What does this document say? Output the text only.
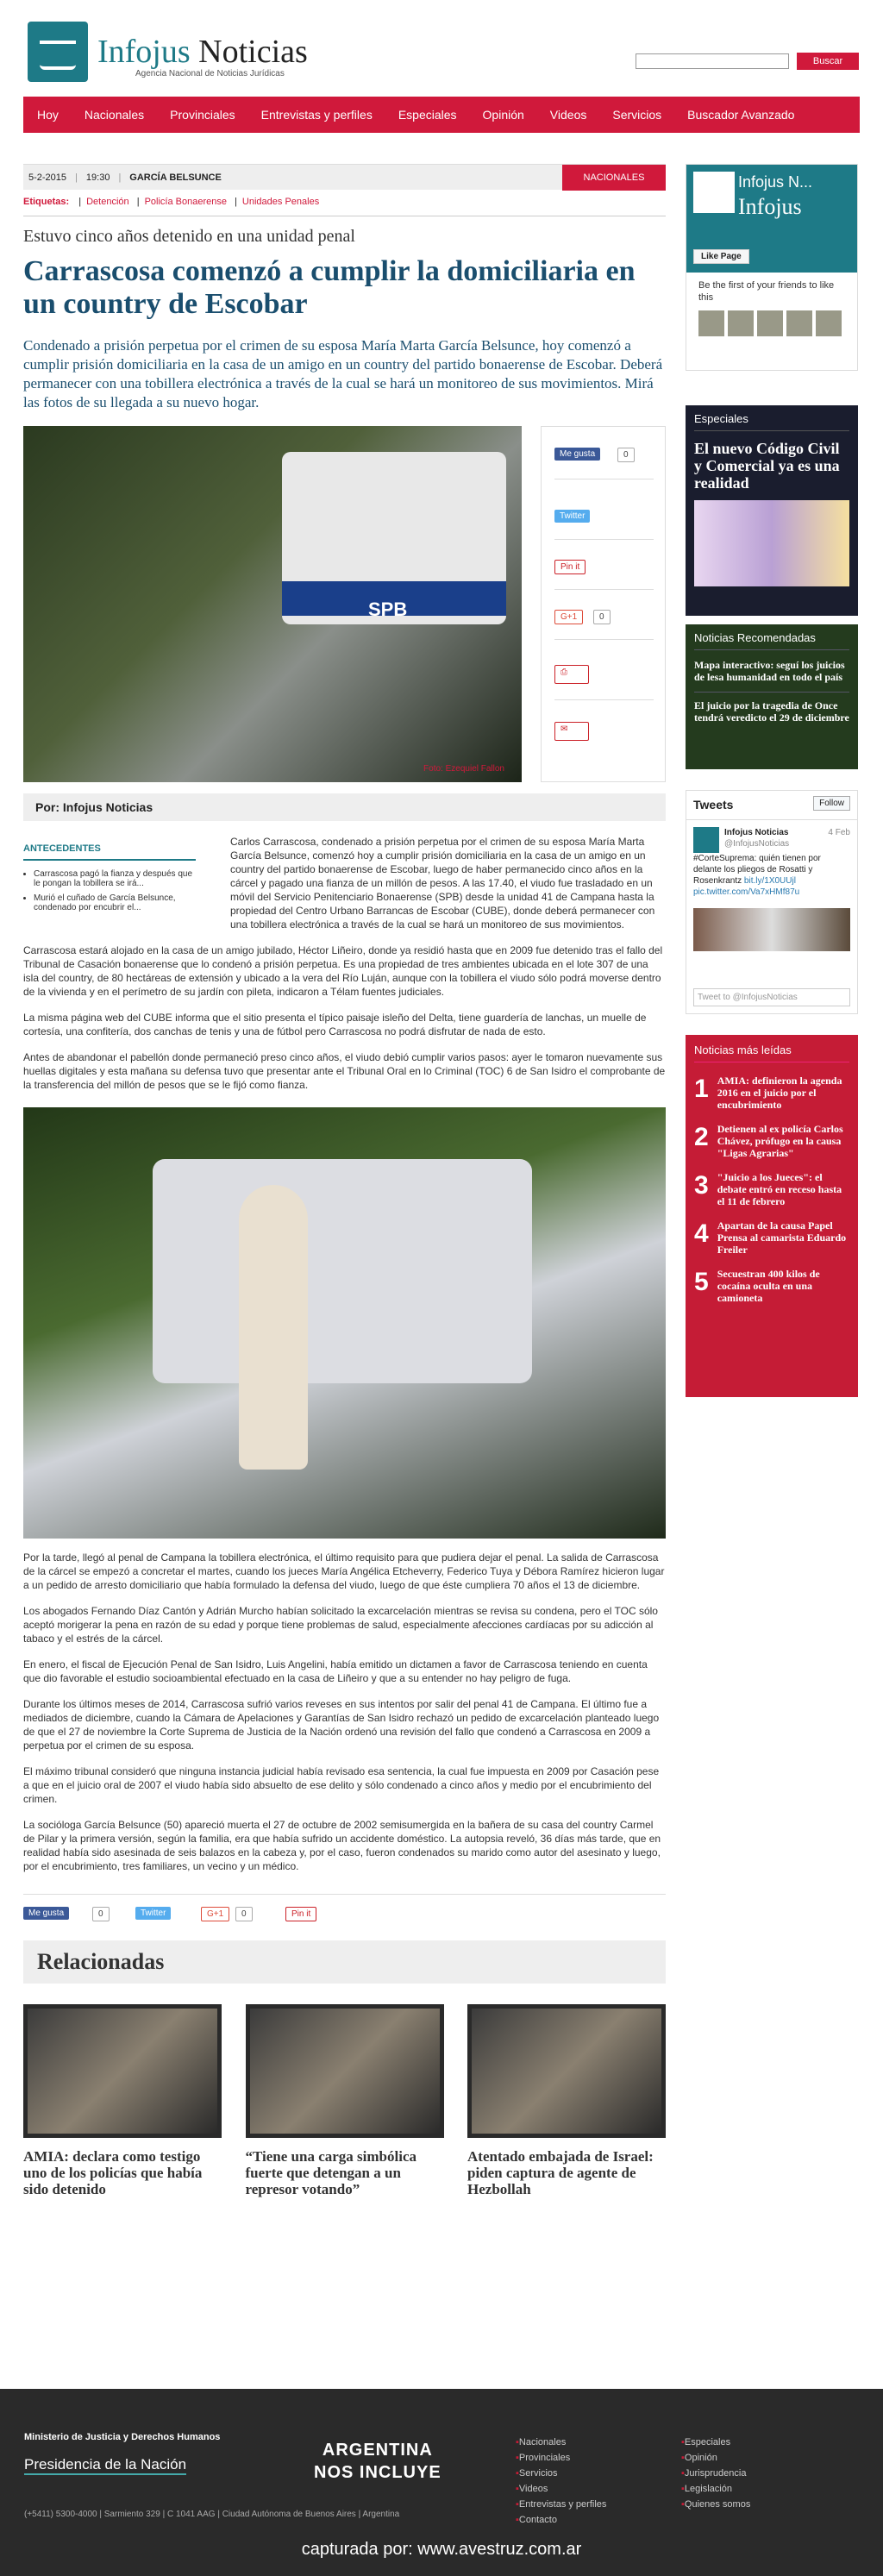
Infojus Noticias
Agencia Nacional de Noticias Jurídicas
Buscar
Hoy Nacionales Provinciales Entrevistas y perfiles Especiales Opinión Videos Servicios Buscador Avanzado
5-2-2015 | 19:30 | GARCÍA BELSUNCE	NACIONALES
Etiquetas: | Detención | Policía Bonaerense | Unidades Penales
Estuvo cinco años detenido en una unidad penal
Carrascosa comenzó a cumplir la domiciliaria en un country de Escobar

Condenado a prisión perpetua por el crimen de su esposa María Marta García Belsunce, hoy comenzó a cumplir prisión domiciliaria en la casa de un amigo en un country del partido bonaerense de Escobar. Deberá permanecer con una tobillera electrónica a través de la cual se hará un monitoreo de sus movimientos. Mirá las fotos de su llegada a su nuevo hogar.

SPB
Foto: Ezequiel Fallon
Me gusta	0
Twitter
Pin it
G+1	0
⎙
✉
Por: Infojus Noticias
ANTECEDENTES
• Carrascosa pagó la fianza y después que le pongan la tobillera se irá...
• Murió el cuñado de García Belsunce, condenado por encubrir el...

Carlos Carrascosa, condenado a prisión perpetua por el crimen de su esposa María Marta García Belsunce, comenzó hoy a cumplir prisión domiciliaria en la casa de un amigo en un country del partido bonaerense de Escobar, luego de haber permanecido cinco años en la cárcel y pagado una fianza de un millón de pesos. A las 17.40, el viudo fue trasladado en un móvil del Servicio Penitenciario Bonaerense (SPB) desde la unidad 41 de Campana hasta la propiedad del Centro Urbano Barrancas de Escobar (CUBE), donde deberá permanecer con una tobillera electrónica a través de la cual se hará un monitoreo de sus movimientos.

Carrascosa estará alojado en la casa de un amigo jubilado, Héctor Liñeiro, donde ya residió hasta que en 2009 fue detenido tras el fallo del Tribunal de Casación bonaerense que lo condenó a prisión perpetua. Es una propiedad de tres ambientes ubicada en el lote 307 de una isla del country, de 80 hectáreas de extensión y ubicado a la vera del Río Luján, aunque con la tobillera el viudo sólo podrá moverse dentro de la vivienda y en el perímetro de su jardín con pileta, indicaron a Télam fuentes judiciales.

La misma página web del CUBE informa que el sitio presenta el típico paisaje isleño del Delta, tiene guardería de lanchas, un muelle de cortesía, una confitería, dos canchas de tenis y una de fútbol pero Carrascosa no podrá disfrutar de nada de esto.

Antes de abandonar el pabellón donde permaneció preso cinco años, el viudo debió cumplir varios pasos: ayer le tomaron nuevamente sus huellas digitales y esta mañana su defensa tuvo que presentar ante el Tribunal Oral en lo Criminal (TOC) 6 de San Isidro el comprobante de la transferencia del millón de pesos que se le fijó como fianza.

Por la tarde, llegó al penal de Campana la tobillera electrónica, el último requisito para que pudiera dejar el penal. La salida de Carrascosa de la cárcel se empezó a concretar el martes, cuando los jueces María Angélica Etcheverry, Federico Tuya y Débora Ramírez hicieron lugar a un pedido de arresto domiciliario que había formulado la defensa del viudo, luego de que éste cumpliera 70 años el 13 de diciembre.

Los abogados Fernando Díaz Cantón y Adrián Murcho habían solicitado la excarcelación mientras se revisa su condena, pero el TOC sólo aceptó morigerar la pena en razón de su edad y porque tiene problemas de salud, especialmente afecciones cardíacas por su adicción al tabaco y el estrés de la cárcel.

En enero, el fiscal de Ejecución Penal de San Isidro, Luis Angelini, había emitido un dictamen a favor de Carrascosa teniendo en cuenta que dio favorable el estudio socioambiental efectuado en la casa de Liñeiro y que a su entender no hay peligro de fuga.

Durante los últimos meses de 2014, Carrascosa sufrió varios reveses en sus intentos por salir del penal 41 de Campana. El último fue a mediados de diciembre, cuando la Cámara de Apelaciones y Garantías de San Isidro rechazó un pedido de excarcelación planteado luego de que el 27 de noviembre la Corte Suprema de Justicia de la Nación ordenó una revisión del fallo que condenó a Carrascosa en 2009 a perpetua por el crimen de su esposa.

El máximo tribunal consideró que ninguna instancia judicial había revisado esa sentencia, la cual fue impuesta en 2009 por Casación pese a que en el juicio oral de 2007 el viudo había sido absuelto de ese delito y sólo condenado a cinco años y medio por el encubrimiento del crimen.

La socióloga García Belsunce (50) apareció muerta el 27 de octubre de 2002 semisumergida en la bañera de su casa del country Carmel de Pilar y la primera versión, según la familia, era que había sufrido un accidente doméstico. La autopsia reveló, 36 días más tarde, que en realidad había sido asesinada de seis balazos en la cabeza y, por el caso, fueron condenados su marido como autor del asesinato y luego, por el encubrimiento, tres familiares, un vecino y un médico.

Me gusta	0	Twitter	G+1	0	Pin it
Relacionadas
AMIA: declara como testigo uno de los policías que había sido detenido
“Tiene una carga simbólica fuerte que detengan a un represor votando”
Atentado embajada de Israel: piden captura de agente de Hezbollah
Infojus N...
Infojus
Like Page
Be the first of your friends to like this
Especiales
El nuevo Código Civil y Comercial ya es una realidad
Noticias Recomendadas
Mapa interactivo: seguí los juicios de lesa humanidad en todo el país
El juicio por la tragedia de Once tendrá veredicto el 29 de diciembre
Tweets	Follow
4 Feb
Infojus Noticias
@InfojusNoticias
#CorteSuprema: quién tienen por delante los pliegos de Rosatti y Rosenkrantz bit.ly/1X0UUjl pic.twitter.com/Va7xHMf87u
Tweet to @InfojusNoticias
Noticias más leídas
1 AMIA: definieron la agenda 2016 en el juicio por el encubrimiento
2 Detienen al ex policía Carlos Chávez, prófugo en la causa "Ligas Agrarias"
3 "Juicio a los Jueces": el debate entró en receso hasta el 11 de febrero
4 Apartan de la causa Papel Prensa al camarista Eduardo Freiler
5 Secuestran 400 kilos de cocaína oculta en una camioneta
Ministerio de Justicia y Derechos Humanos
Presidencia de la Nación
ARGENTINA
NOS INCLUYE
(+5411) 5300-4000 | Sarmiento 329 | C 1041 AAG | Ciudad Autónoma de Buenos Aires | Argentina
▪ Nacionales
▪ Provinciales
▪ Servicios
▪ Videos
▪ Entrevistas y perfiles
▪ Contacto
▪ Especiales
▪ Opinión
▪ Jurisprudencia
▪ Legislación
▪ Quienes somos
capturada por: www.avestruz.com.ar
